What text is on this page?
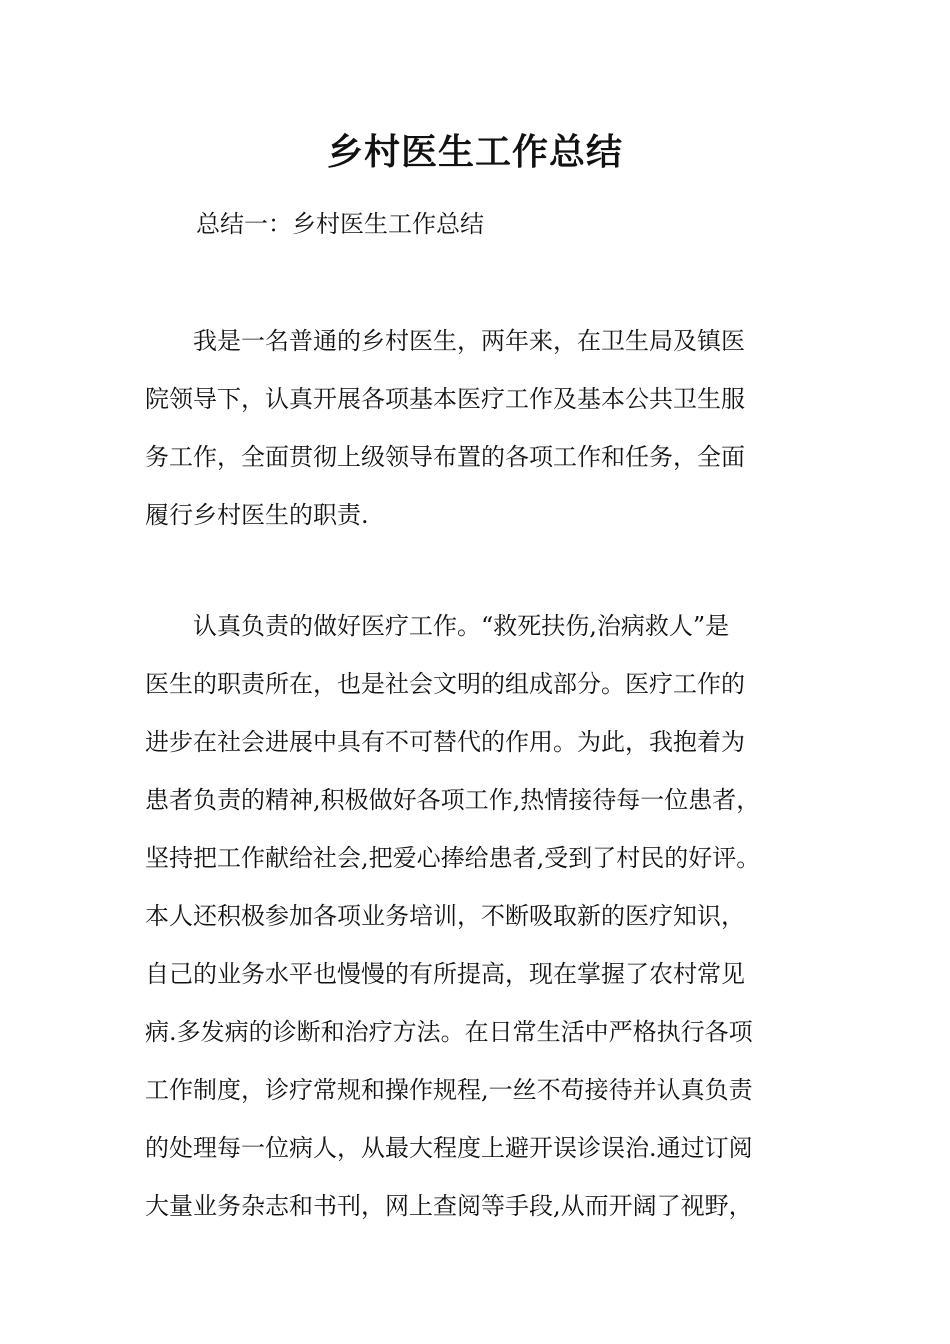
乡村医生工作总结
总结一：乡村医生工作总结
　　我是一名普通的乡村医生，两年来，在卫生局及镇医
院领导下，认真开展各项基本医疗工作及基本公共卫生服
务工作，全面贯彻上级领导布置的各项工作和任务，全面
履行乡村医生的职责.
　　认真负责的做好医疗工作。“救死扶伤,治病救人”是
医生的职责所在，也是社会文明的组成部分。医疗工作的
进步在社会进展中具有不可替代的作用。为此，我抱着为
患者负责的精神,积极做好各项工作,热情接待每一位患者，
坚持把工作献给社会,把爱心捧给患者,受到了村民的好评。
本人还积极参加各项业务培训，不断吸取新的医疗知识，
自己的业务水平也慢慢的有所提高，现在掌握了农村常见
病.多发病的诊断和治疗方法。在日常生活中严格执行各项
工作制度，诊疗常规和操作规程,一丝不苟接待并认真负责
的处理每一位病人，从最大程度上避开误诊误治.通过订阅
大量业务杂志和书刊，网上查阅等手段,从而开阔了视野，
